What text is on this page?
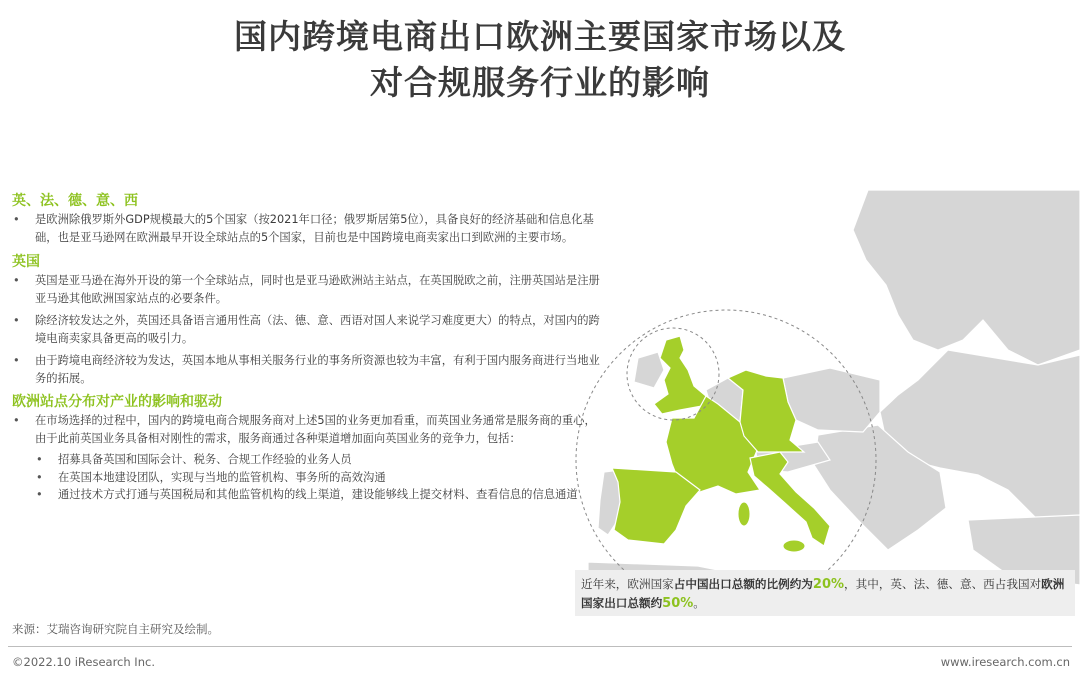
国内跨境电商出口欧洲主要国家市场以及
对合规服务行业的影响
英、法、德、意、西
• 是欧洲除俄罗斯外GDP规模最大的5个国家（按2021年口径；俄罗斯居第5位），具备良好的经济基础和信息化基础，也是亚马逊网在欧洲最早开设全球站点的5个国家，目前也是中国跨境电商卖家出口到欧洲的主要市场。
英国
• 英国是亚马逊在海外开设的第一个全球站点，同时也是亚马逊欧洲站主站点，在英国脱欧之前，注册英国站是注册亚马逊其他欧洲国家站点的必要条件。
• 除经济较发达之外，英国还具备语言通用性高（法、德、意、西语对国人来说学习难度更大）的特点，对国内的跨境电商卖家具备更高的吸引力。
• 由于跨境电商经济较为发达，英国本地从事相关服务行业的事务所资源也较为丰富，有利于国内服务商进行当地业务的拓展。
欧洲站点分布对产业的影响和驱动
• 在市场选择的过程中，国内的跨境电商合规服务商对上述5国的业务更加看重，而英国业务通常是服务商的重心，由于此前英国业务具备相对刚性的需求，服务商通过各种渠道增加面向英国业务的竞争力，包括：
• 招募具备英国和国际会计、税务、合规工作经验的业务人员
• 在英国本地建设团队，实现与当地的监管机构、事务所的高效沟通
• 通过技术方式打通与英国税局和其他监管机构的线上渠道，建设能够线上提交材料、查看信息的信息通道
近年来，欧洲国家占中国出口总额的比例约为20%，其中，英、法、德、意、西占我国对欧洲国家出口总额约50%。
来源：艾瑞咨询研究院自主研究及绘制。
©2022.10 iResearch Inc.	www.iresearch.com.cn
